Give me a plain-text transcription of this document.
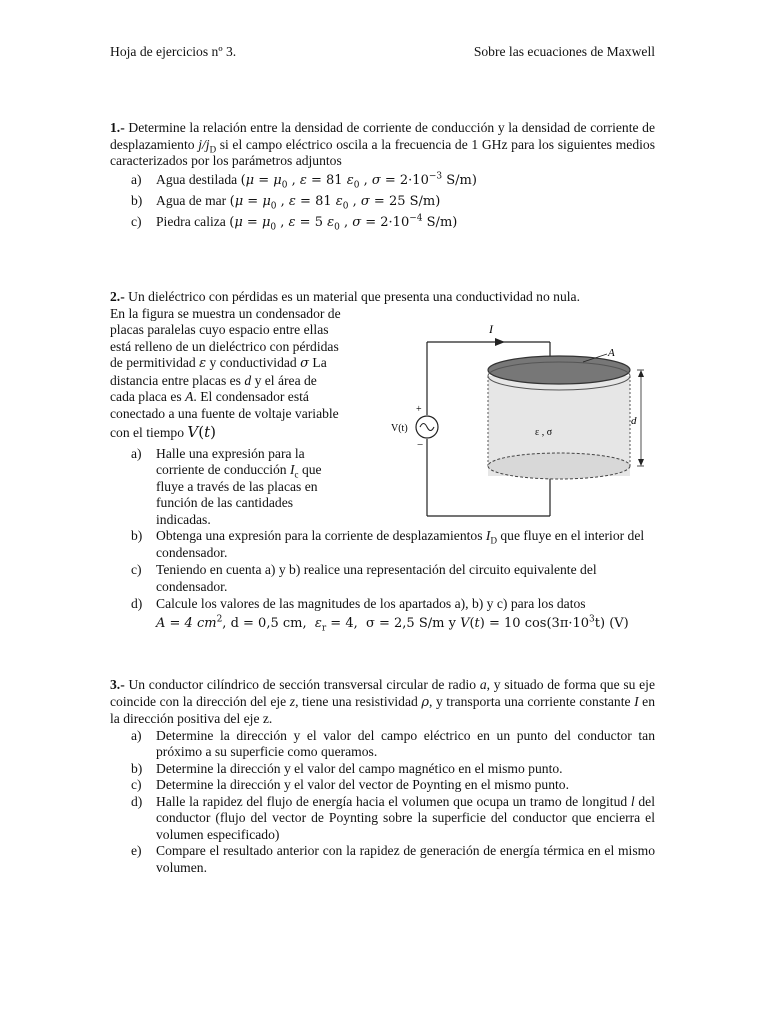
Hoja de ejercicios nº 3.	Sobre las ecuaciones de Maxwell
1.- Determine la relación entre la densidad de corriente de conducción y la densidad de corriente de desplazamiento $j/j_D$ si el campo eléctrico oscila a la frecuencia de 1 GHz para los siguientes medios caracterizados por los parámetros adjuntos
a) Agua destilada ($\mu = \mu_0$ , ε = 81 $\varepsilon_0$ , $\sigma = 2\cdot 10^{-3}$ S/m)
b) Agua de mar ($\mu = \mu_0$ , ε = 81 $\varepsilon_0$ , σ = 25 S/m)
c) Piedra caliza ($\mu = \mu_0$ , ε = 5 $\varepsilon_0$ , $\sigma = 2\cdot 10^{-4}$ S/m)
2.- Un dieléctrico con pérdidas es un material que presenta una conductividad no nula.
En la figura se muestra un condensador de
placas paralelas cuyo espacio entre ellas
está relleno de un dieléctrico con pérdidas
de permitividad ε y conductividad σ La
distancia entre placas es d y el área de
cada placa es A. El condensador está
conectado a una fuente de voltaje variable
con el tiempo V(t)
a) Halle una expresión para la
corriente de conducción $I_c$ que
fluye a través de las placas en
función de las cantidades
indicadas.
b) Obtenga una expresión para la corriente de desplazamientos $I_D$ que fluye en el interior del condensador.
c) Teniendo en cuenta a) y b) realice una representación del circuito equivalente del condensador.
d) Calcule los valores de las magnitudes de los apartados a), b) y c) para los datos
A = 4 $cm^2$, d = 0,5 cm, $\varepsilon_r = 4$, σ = 2,5 S/m y V(t) = 10 $\cos(3\pi\cdot 10^3t)$ (V)
I
+
−
V(t)
A
ε , σ
d
3.- Un conductor cilíndrico de sección transversal circular de radio a, y situado de forma que su eje coincide con la dirección del eje z, tiene una resistividad ρ, y transporta una corriente constante I en la dirección positiva del eje z.
a) Determine la dirección y el valor del campo eléctrico en un punto del conductor tan próximo a su superficie como queramos.
b) Determine la dirección y el valor del campo magnético en el mismo punto.
c) Determine la dirección y el valor del vector de Poynting en el mismo punto.
d) Halle la rapidez del flujo de energía hacia el volumen que ocupa un tramo de longitud l del conductor (flujo del vector de Poynting sobre la superficie del conductor que encierra el volumen especificado)
e) Compare el resultado anterior con la rapidez de generación de energía térmica en el mismo volumen.
